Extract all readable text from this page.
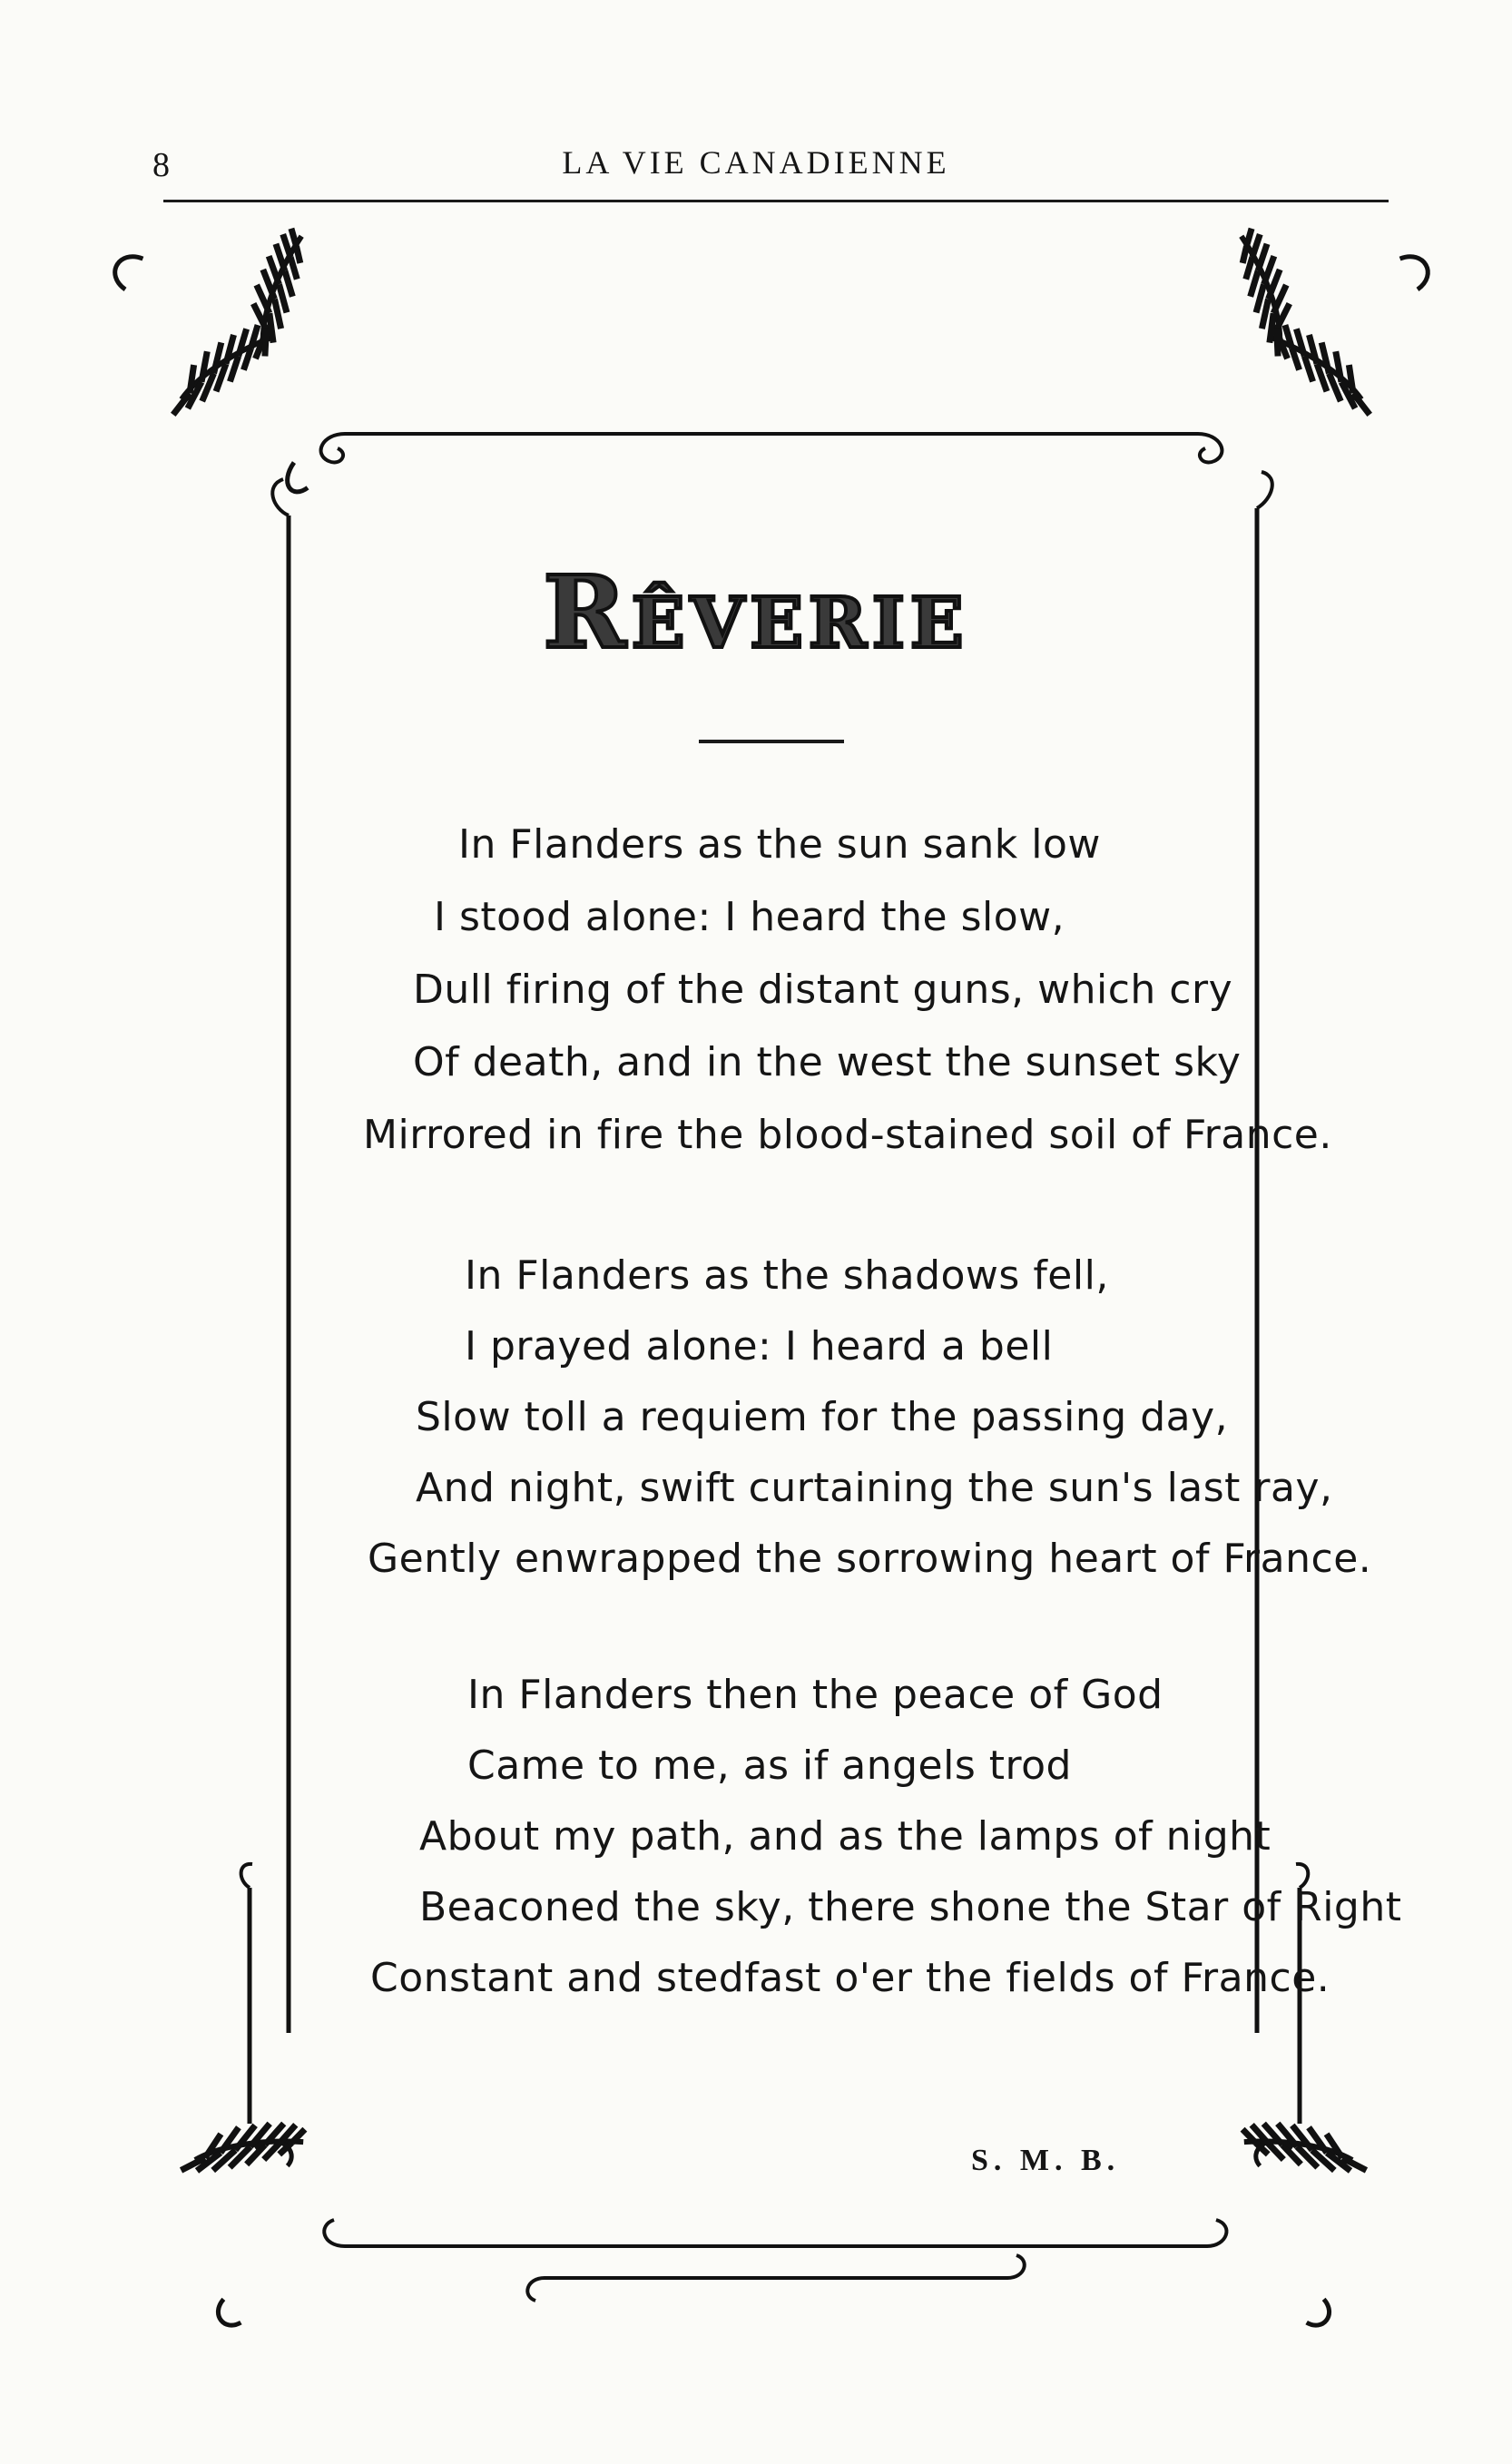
8	LA VIE CANADIENNE
Rêverie
In Flanders as the sun sank low
I stood alone: I heard the slow,
Dull firing of the distant guns, which cry
Of death, and in the west the sunset sky
Mirrored in fire the blood-stained soil of France.
In Flanders as the shadows fell,
I prayed alone: I heard a bell
Slow toll a requiem for the passing day,
And night, swift curtaining the sun's last ray,
Gently enwrapped the sorrowing heart of France.
In Flanders then the peace of God
Came to me, as if angels trod
About my path, and as the lamps of night
Beaconed the sky, there shone the Star of Right
Constant and stedfast o'er the fields of France.
S. M. B.
